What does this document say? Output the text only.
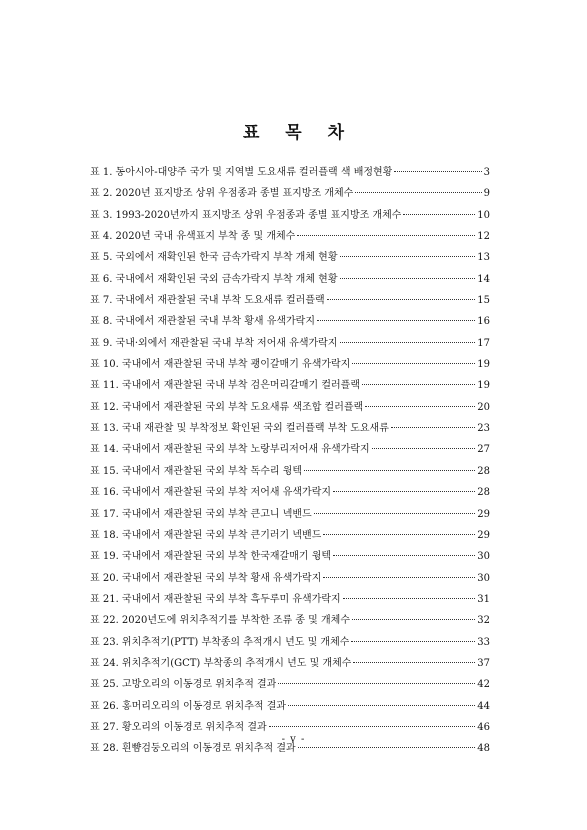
표 목 차
표 1. 동아시아-대양주 국가 및 지역별 도요새류 컬러플랙 색 배정현황	3
표 2. 2020년 표지방조 상위 우점종과 종별 표지방조 개체수	9
표 3. 1993-2020년까지 표지방조 상위 우점종과 종별 표지방조 개체수	10
표 4. 2020년 국내 유색표지 부착 종 및 개체수	12
표 5. 국외에서 재확인된 한국 금속가락지 부착 개체 현황	13
표 6. 국내에서 재확인된 국외 금속가락지 부착 개체 현황	14
표 7. 국내에서 재관찰된 국내 부착 도요새류 컬러플랙	15
표 8. 국내에서 재관찰된 국내 부착 황새 유색가락지	16
표 9. 국내·외에서 재관찰된 국내 부착 저어새 유색가락지	17
표 10. 국내에서 재관찰된 국내 부착 괭이갈매기 유색가락지	19
표 11. 국내에서 재관찰된 국내 부착 검은머리갈매기 컬러플랙	19
표 12. 국내에서 재관찰된 국외 부착 도요새류 색조합 컬러플랙	20
표 13. 국내 재관찰 및 부착정보 확인된 국외 컬러플랙 부착 도요새류	23
표 14. 국내에서 재관찰된 국외 부착 노랑부리저어새 유색가락지	27
표 15. 국내에서 재관찰된 국외 부착 독수리 윙텍	28
표 16. 국내에서 재관찰된 국외 부착 저어새 유색가락지	28
표 17. 국내에서 재관찰된 국외 부착 큰고니 넥밴드	29
표 18. 국내에서 재관찰된 국외 부착 큰기러기 넥밴드	29
표 19. 국내에서 재관찰된 국외 부착 한국재갈매기 윙텍	30
표 20. 국내에서 재관찰된 국외 부착 황새 유색가락지	30
표 21. 국내에서 재관찰된 국외 부착 흑두루미 유색가락지	31
표 22. 2020년도에 위치추적기를 부착한 조류 종 및 개체수	32
표 23. 위치추적기(PTT) 부착종의 추적개시 년도 및 개체수	33
표 24. 위치추적기(GCT) 부착종의 추적개시 년도 및 개체수	37
표 25. 고방오리의 이동경로 위치추적 결과	42
표 26. 홍머리오리의 이동경로 위치추적 결과	44
표 27. 황오리의 이동경로 위치추적 결과	46
표 28. 흰뺨검둥오리의 이동경로 위치추적 결과	48
- v -
